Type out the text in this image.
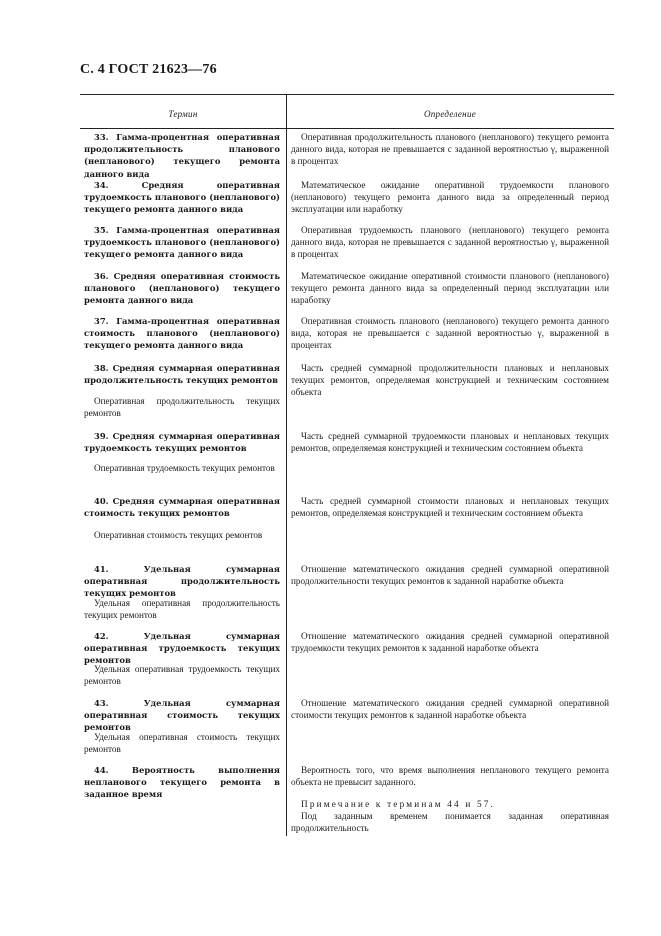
С. 4 ГОСТ 21623—76
Термин	Определение
33. Гамма-процентная оперативная продолжительность планового (непланового) текущего ремонта данного вида
Оперативная продолжительность планового (непланового) текущего ремонта данного вида, которая не превышается с заданной вероятностью γ, выраженной в процентах
34. Средняя оперативная трудоемкость планового (непланового) текущего ремонта данного вида
Математическое ожидание оперативной трудоемкости планового (непланового) текущего ремонта данного вида за определенный период эксплуатации или наработку
35. Гамма-процентная оперативная трудоемкость планового (непланового) текущего ремонта данного вида
Оперативная трудоемкость планового (непланового) текущего ремонта данного вида, которая не превышается с заданной вероятностью γ, выраженной в процентах
36. Средняя оперативная стоимость планового (непланового) текущего ремонта данного вида
Математическое ожидание оперативной стоимости планового (непланового) текущего ремонта данного вида за определенный период эксплуатации или наработку
37. Гамма-процентная оперативная стоимость планового (непланового) текущего ремонта данного вида
Оперативная стоимость планового (непланового) текущего ремонта данного вида, которая не превышается с заданной вероятностью γ, выраженной в процентах
38. Средняя суммарная оперативная продолжительность текущих ремонтов
Оперативная продолжительность текущих ремонтов
Часть средней суммарной продолжительности плановых и неплановых текущих ремонтов, определяемая конструкцией и техническим состоянием объекта
39. Средняя суммарная оперативная трудоемкость текущих ремонтов
Оперативная трудоемкость текущих ремонтов
Часть средней суммарной трудоемкости плановых и неплановых текущих ремонтов, определяемая конструкцией и техническим состоянием объекта
40. Средняя суммарная оперативная стоимость текущих ремонтов
Оперативная стоимость текущих ремонтов
Часть средней суммарной стоимости плановых и неплановых текущих ремонтов, определяемая конструкцией и техническим состоянием объекта
41. Удельная суммарная оперативная продолжительность текущих ремонтов
Удельная оперативная продолжительность текущих ремонтов
Отношение математического ожидания средней суммарной оперативной продолжительности текущих ремонтов к заданной наработке объекта
42. Удельная суммарная оперативная трудоемкость текущих ремонтов
Удельная оперативная трудоемкость текущих ремонтов
Отношение математического ожидания средней суммарной оперативной трудоемкости текущих ремонтов к заданной наработке объекта
43. Удельная суммарная оперативная стоимость текущих ремонтов
Удельная оперативная стоимость текущих ремонтов
Отношение математического ожидания средней суммарной оперативной стоимости текущих ремонтов к заданной наработке объекта
44. Вероятность выполнения непланового текущего ремонта в заданное время
Вероятность того, что время выполнения непланового текущего ремонта объекта не превысит заданного.
Примечание к терминам 44 и 57.
Под заданным временем понимается заданная оперативная продолжительность
